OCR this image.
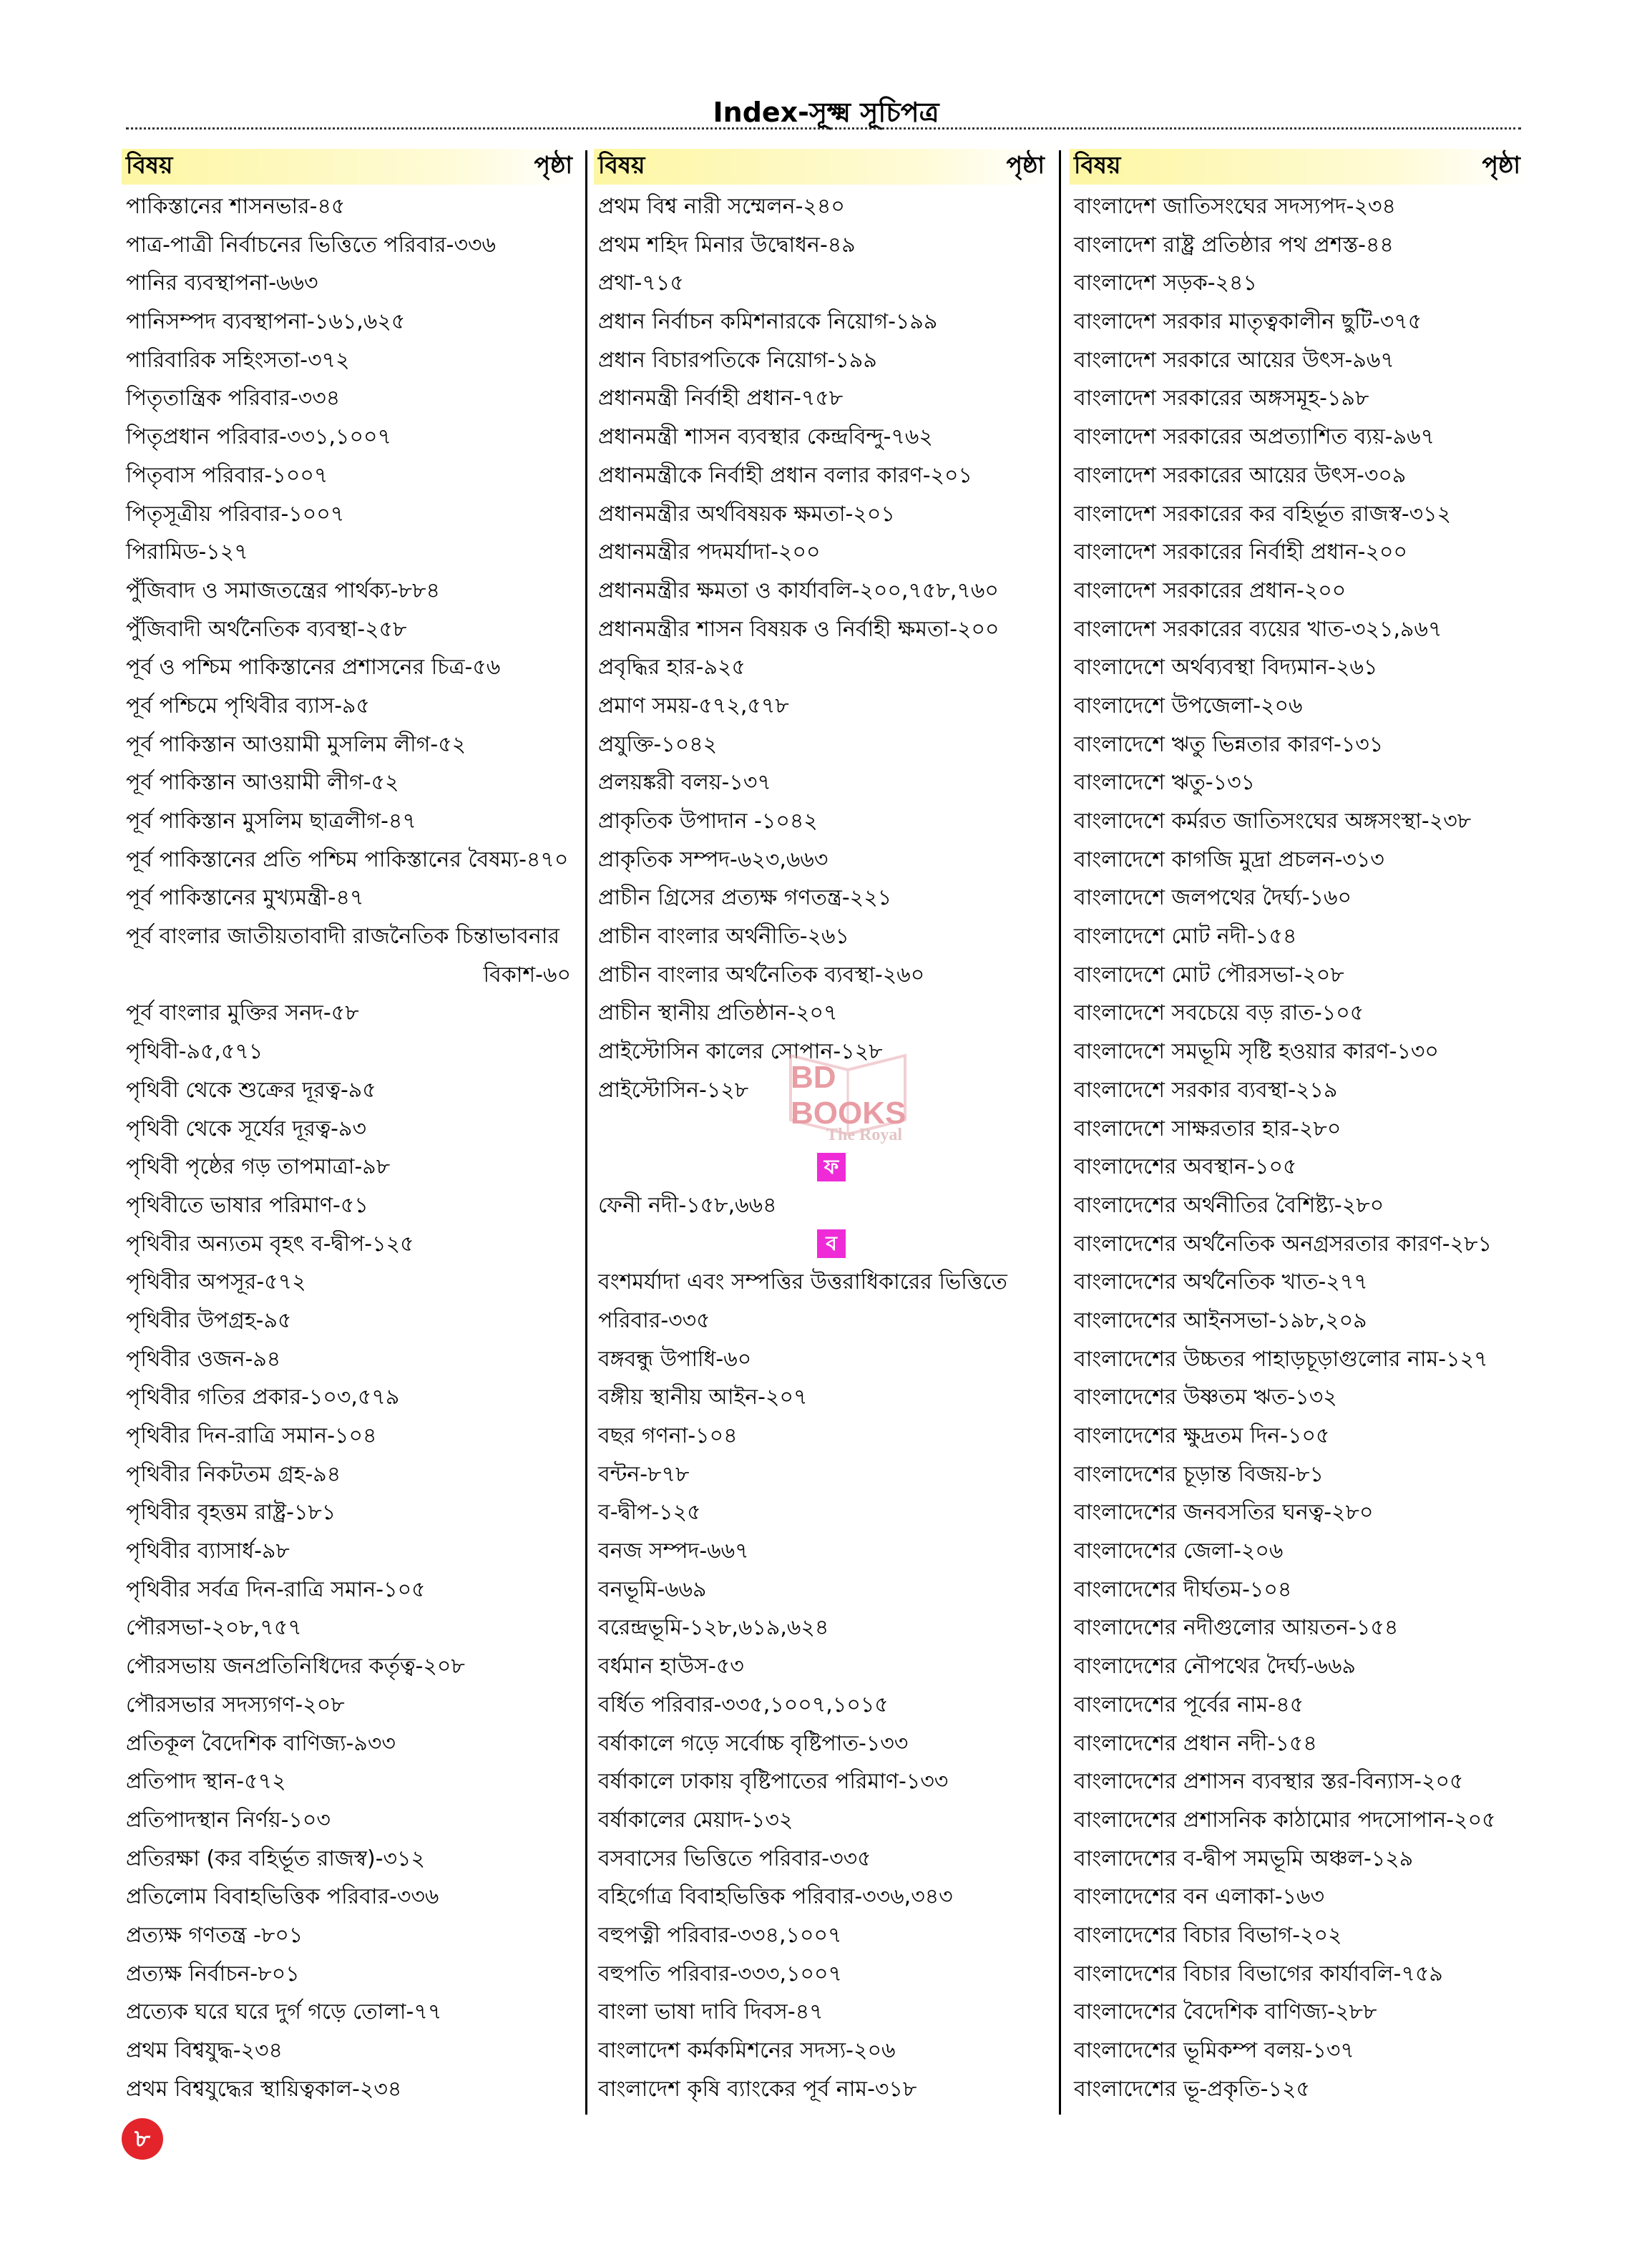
Index-সূক্ষ্ম সূচিপত্র
বিষয়	পৃষ্ঠা
পাকিস্তানের শাসনভার-৪৫
পাত্র-পাত্রী নির্বাচনের ভিত্তিতে পরিবার-৩৩৬
পানির ব্যবস্থাপনা-৬৬৩
পানিসম্পদ ব্যবস্থাপনা-১৬১,৬২৫
পারিবারিক সহিংসতা-৩৭২
পিতৃতান্ত্রিক পরিবার-৩৩৪
পিতৃপ্রধান পরিবার-৩৩১,১০০৭
পিতৃবাস পরিবার-১০০৭
পিতৃসূত্রীয় পরিবার-১০০৭
পিরামিড-১২৭
পুঁজিবাদ ও সমাজতন্ত্রের পার্থক্য-৮৮৪
পুঁজিবাদী অর্থনৈতিক ব্যবস্থা-২৫৮
পূর্ব ও পশ্চিম পাকিস্তানের প্রশাসনের চিত্র-৫৬
পূর্ব পশ্চিমে পৃথিবীর ব্যাস-৯৫
পূর্ব পাকিস্তান আওয়ামী মুসলিম লীগ-৫২
পূর্ব পাকিস্তান আওয়ামী লীগ-৫২
পূর্ব পাকিস্তান মুসলিম ছাত্রলীগ-৪৭
পূর্ব পাকিস্তানের প্রতি পশ্চিম পাকিস্তানের বৈষম্য-৪৭০
পূর্ব পাকিস্তানের মুখ্যমন্ত্রী-৪৭
পূর্ব বাংলার জাতীয়তাবাদী রাজনৈতিক চিন্তাভাবনার
বিকাশ-৬০
পূর্ব বাংলার মুক্তির সনদ-৫৮
পৃথিবী-৯৫,৫৭১
পৃথিবী থেকে শুক্রের দূরত্ব-৯৫
পৃথিবী থেকে সূর্যের দূরত্ব-৯৩
পৃথিবী পৃষ্ঠের গড় তাপমাত্রা-৯৮
পৃথিবীতে ভাষার পরিমাণ-৫১
পৃথিবীর অন্যতম বৃহৎ ব-দ্বীপ-১২৫
পৃথিবীর অপসূর-৫৭২
পৃথিবীর উপগ্রহ-৯৫
পৃথিবীর ওজন-৯৪
পৃথিবীর গতির প্রকার-১০৩,৫৭৯
পৃথিবীর দিন-রাত্রি সমান-১০৪
পৃথিবীর নিকটতম গ্রহ-৯৪
পৃথিবীর বৃহত্তম রাষ্ট্র-১৮১
পৃথিবীর ব্যাসার্ধ-৯৮
পৃথিবীর সর্বত্র দিন-রাত্রি সমান-১০৫
পৌরসভা-২০৮,৭৫৭
পৌরসভায় জনপ্রতিনিধিদের কর্তৃত্ব-২০৮
পৌরসভার সদস্যগণ-২০৮
প্রতিকূল বৈদেশিক বাণিজ্য-৯৩৩
প্রতিপাদ স্থান-৫৭২
প্রতিপাদস্থান নির্ণয়-১০৩
প্রতিরক্ষা (কর বহির্ভূত রাজস্ব)-৩১২
প্রতিলোম বিবাহভিত্তিক পরিবার-৩৩৬
প্রত্যক্ষ গণতন্ত্র -৮০১
প্রত্যক্ষ নির্বাচন-৮০১
প্রত্যেক ঘরে ঘরে দুর্গ গড়ে তোলা-৭৭
প্রথম বিশ্বযুদ্ধ-২৩৪
প্রথম বিশ্বযুদ্ধের স্থায়িত্বকাল-২৩৪
বিষয়	পৃষ্ঠা
প্রথম বিশ্ব নারী সম্মেলন-২৪০
প্রথম শহিদ মিনার উদ্বোধন-৪৯
প্রথা-৭১৫
প্রধান নির্বাচন কমিশনারকে নিয়োগ-১৯৯
প্রধান বিচারপতিকে নিয়োগ-১৯৯
প্রধানমন্ত্রী নির্বাহী প্রধান-৭৫৮
প্রধানমন্ত্রী শাসন ব্যবস্থার কেন্দ্রবিন্দু-৭৬২
প্রধানমন্ত্রীকে নির্বাহী প্রধান বলার কারণ-২০১
প্রধানমন্ত্রীর অর্থবিষয়ক ক্ষমতা-২০১
প্রধানমন্ত্রীর পদমর্যাদা-২০০
প্রধানমন্ত্রীর ক্ষমতা ও কার্যাবলি-২০০,৭৫৮,৭৬০
প্রধানমন্ত্রীর শাসন বিষয়ক ও নির্বাহী ক্ষমতা-২০০
প্রবৃদ্ধির হার-৯২৫
প্রমাণ সময়-৫৭২,৫৭৮
প্রযুক্তি-১০৪২
প্রলয়ঙ্করী বলয়-১৩৭
প্রাকৃতিক উপাদান -১০৪২
প্রাকৃতিক সম্পদ-৬২৩,৬৬৩
প্রাচীন গ্রিসের প্রত্যক্ষ গণতন্ত্র-২২১
প্রাচীন বাংলার অর্থনীতি-২৬১
প্রাচীন বাংলার অর্থনৈতিক ব্যবস্থা-২৬০
প্রাচীন স্থানীয় প্রতিষ্ঠান-২০৭
প্রাইস্টোসিন কালের সোপান-১২৮
প্রাইস্টোসিন-১২৮
ফ
ফেনী নদী-১৫৮,৬৬৪
ব
বংশমর্যাদা এবং সম্পত্তির উত্তরাধিকারের ভিত্তিতে
পরিবার-৩৩৫
বঙ্গবন্ধু উপাধি-৬০
বঙ্গীয় স্থানীয় আইন-২০৭
বছর গণনা-১০৪
বন্টন-৮৭৮
ব-দ্বীপ-১২৫
বনজ সম্পদ-৬৬৭
বনভূমি-৬৬৯
বরেন্দ্রভূমি-১২৮,৬১৯,৬২৪
বর্ধমান হাউস-৫৩
বর্ধিত পরিবার-৩৩৫,১০০৭,১০১৫
বর্ষাকালে গড়ে সর্বোচ্চ বৃষ্টিপাত-১৩৩
বর্ষাকালে ঢাকায় বৃষ্টিপাতের পরিমাণ-১৩৩
বর্ষাকালের মেয়াদ-১৩২
বসবাসের ভিত্তিতে পরিবার-৩৩৫
বহির্গোত্র বিবাহভিত্তিক পরিবার-৩৩৬,৩৪৩
বহুপত্নী পরিবার-৩৩৪,১০০৭
বহুপতি পরিবার-৩৩৩,১০০৭
বাংলা ভাষা দাবি দিবস-৪৭
বাংলাদেশ কর্মকমিশনের সদস্য-২০৬
বাংলাদেশ কৃষি ব্যাংকের পূর্ব নাম-৩১৮
বিষয়	পৃষ্ঠা
বাংলাদেশ জাতিসংঘের সদস্যপদ-২৩৪
বাংলাদেশ রাষ্ট্র প্রতিষ্ঠার পথ প্রশস্ত-৪৪
বাংলাদেশ সড়ক-২৪১
বাংলাদেশ সরকার মাতৃত্বকালীন ছুটি-৩৭৫
বাংলাদেশ সরকারে আয়ের উৎস-৯৬৭
বাংলাদেশ সরকারের অঙ্গসমূহ-১৯৮
বাংলাদেশ সরকারের অপ্রত্যাশিত ব্যয়-৯৬৭
বাংলাদেশ সরকারের আয়ের উৎস-৩০৯
বাংলাদেশ সরকারের কর বহির্ভূত রাজস্ব-৩১২
বাংলাদেশ সরকারের নির্বাহী প্রধান-২০০
বাংলাদেশ সরকারের প্রধান-২০০
বাংলাদেশ সরকারের ব্যয়ের খাত-৩২১,৯৬৭
বাংলাদেশে অর্থব্যবস্থা বিদ্যমান-২৬১
বাংলাদেশে উপজেলা-২০৬
বাংলাদেশে ঋতু ভিন্নতার কারণ-১৩১
বাংলাদেশে ঋতু-১৩১
বাংলাদেশে কর্মরত জাতিসংঘের অঙ্গসংস্থা-২৩৮
বাংলাদেশে কাগজি মুদ্রা প্রচলন-৩১৩
বাংলাদেশে জলপথের দৈর্ঘ্য-১৬০
বাংলাদেশে মোট নদী-১৫৪
বাংলাদেশে মোট পৌরসভা-২০৮
বাংলাদেশে সবচেয়ে বড় রাত-১০৫
বাংলাদেশে সমভূমি সৃষ্টি হওয়ার কারণ-১৩০
বাংলাদেশে সরকার ব্যবস্থা-২১৯
বাংলাদেশে সাক্ষরতার হার-২৮০
বাংলাদেশের অবস্থান-১০৫
বাংলাদেশের অর্থনীতির বৈশিষ্ট্য-২৮০
বাংলাদেশের অর্থনৈতিক অনগ্রসরতার কারণ-২৮১
বাংলাদেশের অর্থনৈতিক খাত-২৭৭
বাংলাদেশের আইনসভা-১৯৮,২০৯
বাংলাদেশের উচ্চতর পাহাড়চূড়াগুলোর নাম-১২৭
বাংলাদেশের উষ্ণতম ঋত-১৩২
বাংলাদেশের ক্ষুদ্রতম দিন-১০৫
বাংলাদেশের চূড়ান্ত বিজয়-৮১
বাংলাদেশের জনবসতির ঘনত্ব-২৮০
বাংলাদেশের জেলা-২০৬
বাংলাদেশের দীর্ঘতম-১০৪
বাংলাদেশের নদীগুলোর আয়তন-১৫৪
বাংলাদেশের নৌপথের দৈর্ঘ্য-৬৬৯
বাংলাদেশের পূর্বের নাম-৪৫
বাংলাদেশের প্রধান নদী-১৫৪
বাংলাদেশের প্রশাসন ব্যবস্থার স্তর-বিন্যাস-২০৫
বাংলাদেশের প্রশাসনিক কাঠামোর পদসোপান-২০৫
বাংলাদেশের ব-দ্বীপ সমভূমি অঞ্চল-১২৯
বাংলাদেশের বন এলাকা-১৬৩
বাংলাদেশের বিচার বিভাগ-২০২
বাংলাদেশের বিচার বিভাগের কার্যাবলি-৭৫৯
বাংলাদেশের বৈদেশিক বাণিজ্য-২৮৮
বাংলাদেশের ভূমিকম্প বলয়-১৩৭
বাংলাদেশের ভূ-প্রকৃতি-১২৫
BD BOOKS
The Royal
৮
